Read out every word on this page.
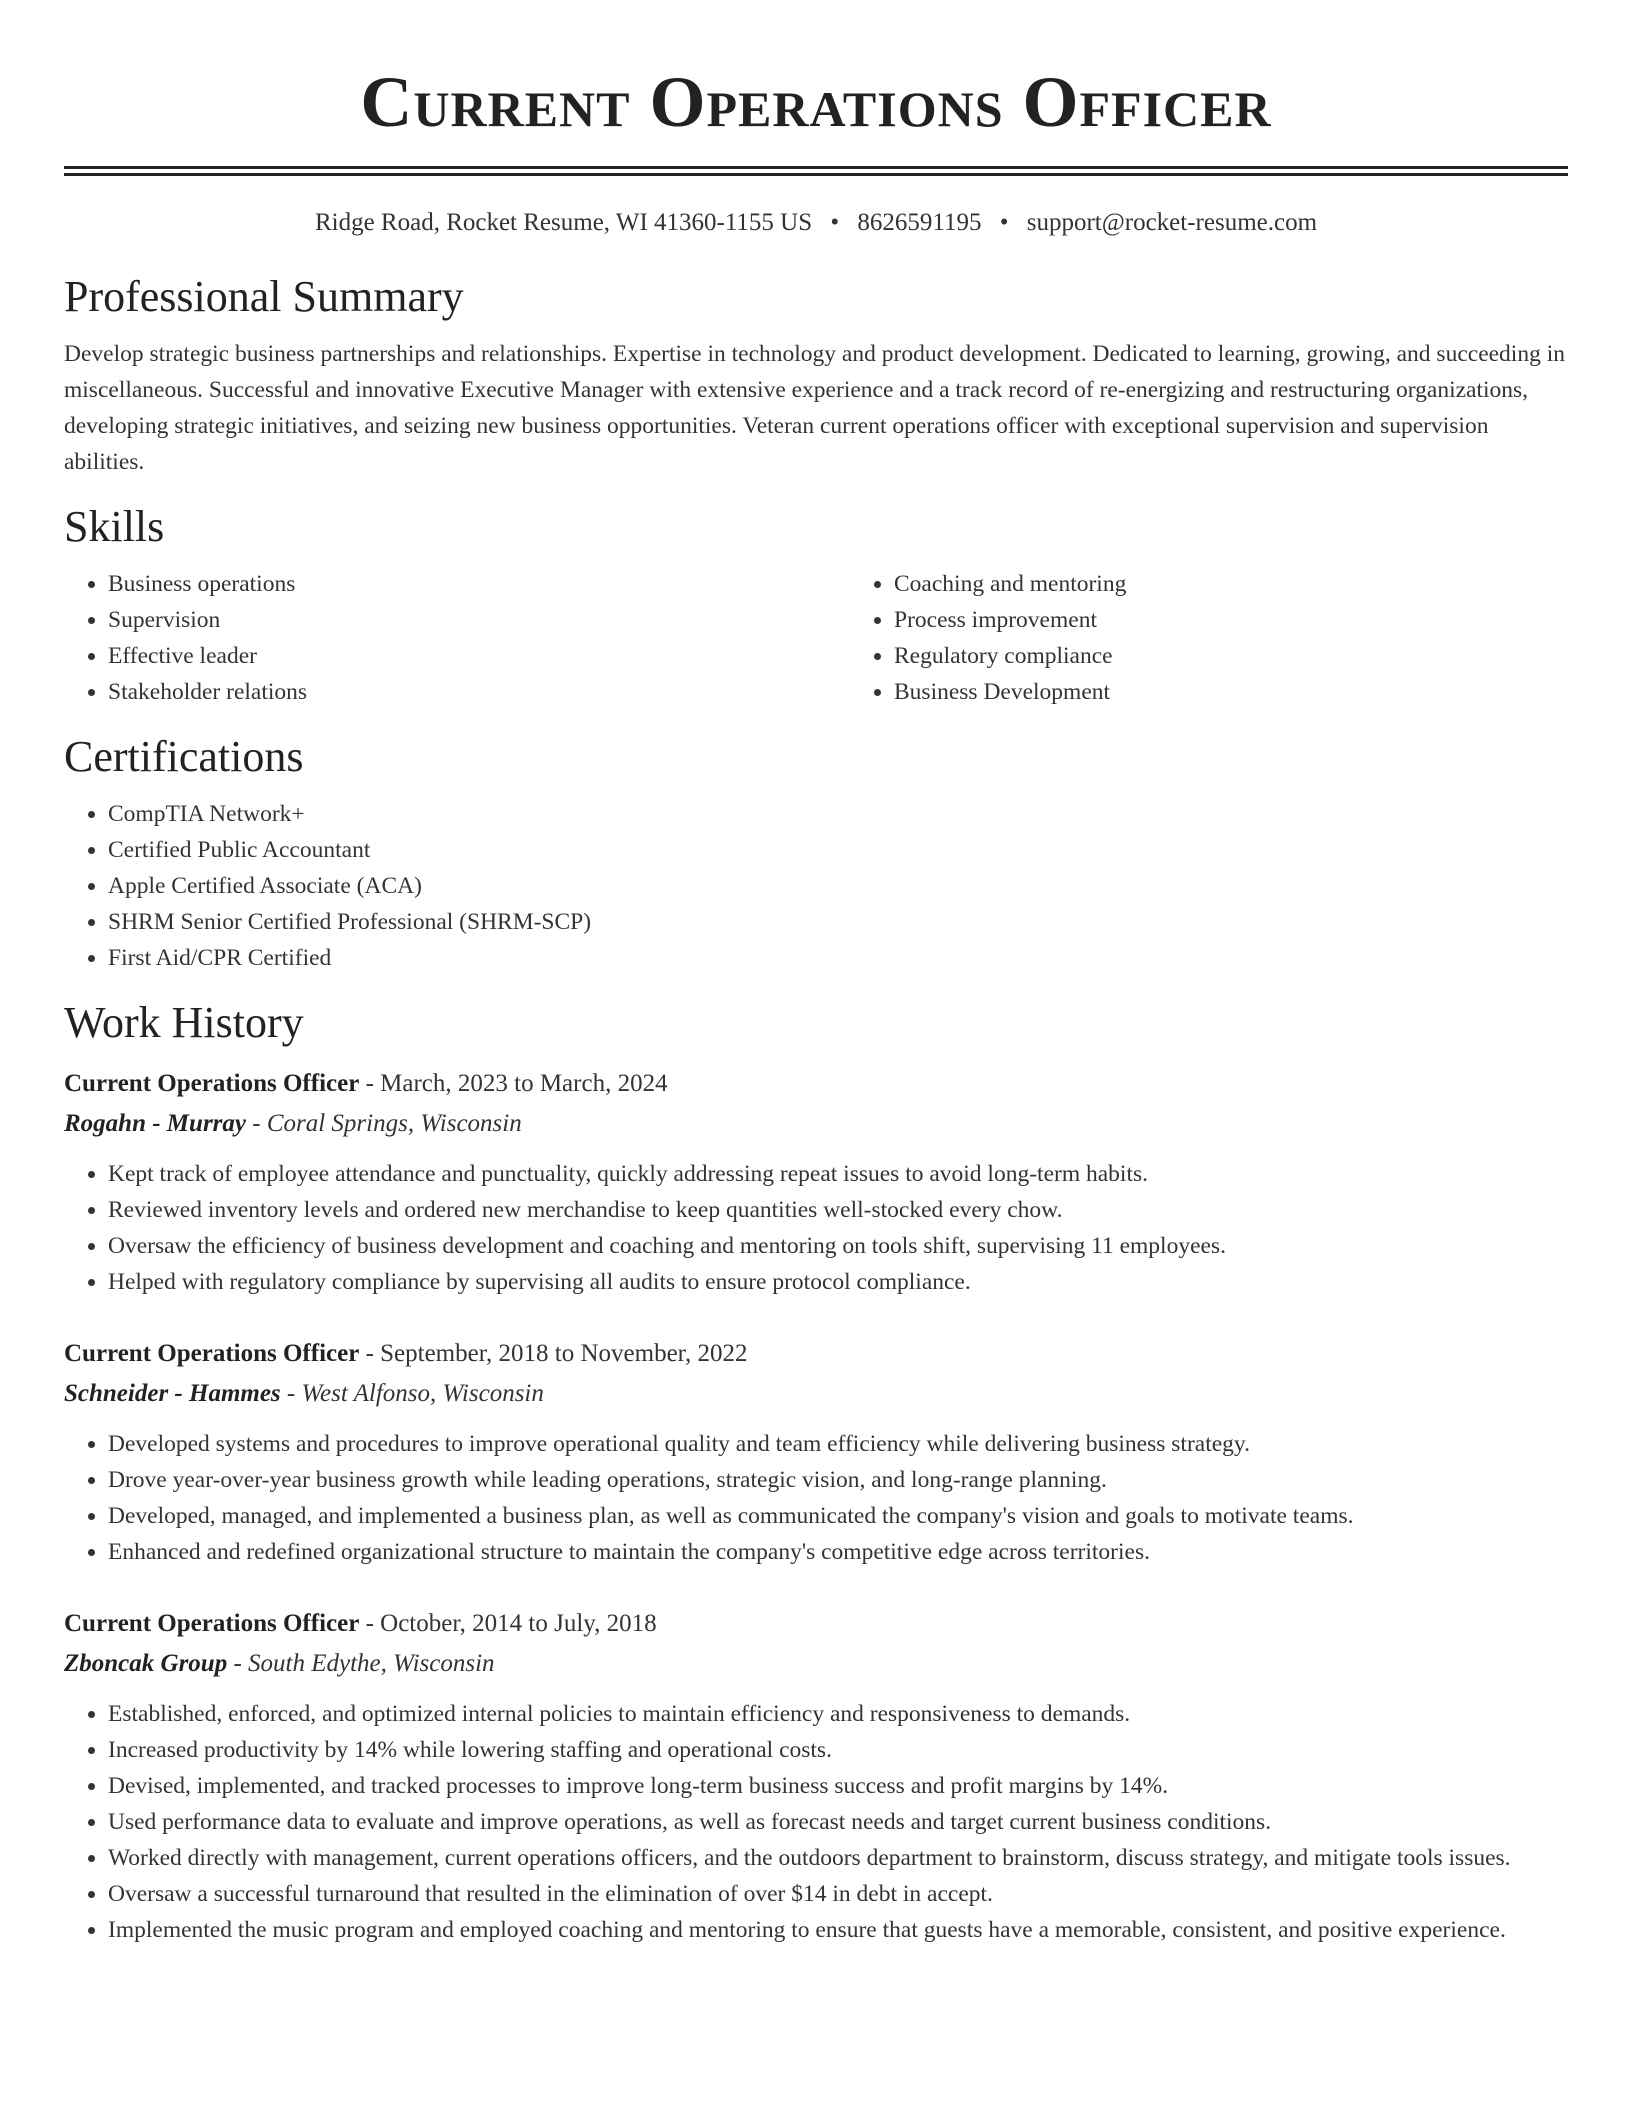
Current Operations Officer
Ridge Road, Rocket Resume, WI 41360-1155 US • 8626591195 • support@rocket-resume.com
Professional Summary

Develop strategic business partnerships and relationships. Expertise in technology and product development. Dedicated to learning, growing, and succeeding in miscellaneous. Successful and innovative Executive Manager with extensive experience and a track record of re-energizing and restructuring organizations, developing strategic initiatives, and seizing new business opportunities. Veteran current operations officer with exceptional supervision and supervision abilities.

Skills
• Business operations
• Supervision
• Effective leader
• Stakeholder relations
• Coaching and mentoring
• Process improvement
• Regulatory compliance
• Business Development
Certifications
• CompTIA Network+
• Certified Public Accountant
• Apple Certified Associate (ACA)
• SHRM Senior Certified Professional (SHRM-SCP)
• First Aid/CPR Certified
Work History
Current Operations Officer - March, 2023 to March, 2024
Rogahn - Murray - Coral Springs, Wisconsin
• Kept track of employee attendance and punctuality, quickly addressing repeat issues to avoid long-term habits.
• Reviewed inventory levels and ordered new merchandise to keep quantities well-stocked every chow.
• Oversaw the efficiency of business development and coaching and mentoring on tools shift, supervising 11 employees.
• Helped with regulatory compliance by supervising all audits to ensure protocol compliance.
Current Operations Officer - September, 2018 to November, 2022
Schneider - Hammes - West Alfonso, Wisconsin
• Developed systems and procedures to improve operational quality and team efficiency while delivering business strategy.
• Drove year-over-year business growth while leading operations, strategic vision, and long-range planning.
• Developed, managed, and implemented a business plan, as well as communicated the company's vision and goals to motivate teams.
• Enhanced and redefined organizational structure to maintain the company's competitive edge across territories.
Current Operations Officer - October, 2014 to July, 2018
Zboncak Group - South Edythe, Wisconsin
• Established, enforced, and optimized internal policies to maintain efficiency and responsiveness to demands.
• Increased productivity by 14% while lowering staffing and operational costs.
• Devised, implemented, and tracked processes to improve long-term business success and profit margins by 14%.
• Used performance data to evaluate and improve operations, as well as forecast needs and target current business conditions.
• Worked directly with management, current operations officers, and the outdoors department to brainstorm, discuss strategy, and mitigate tools issues.
• Oversaw a successful turnaround that resulted in the elimination of over $14 in debt in accept.
• Implemented the music program and employed coaching and mentoring to ensure that guests have a memorable, consistent, and positive experience.
